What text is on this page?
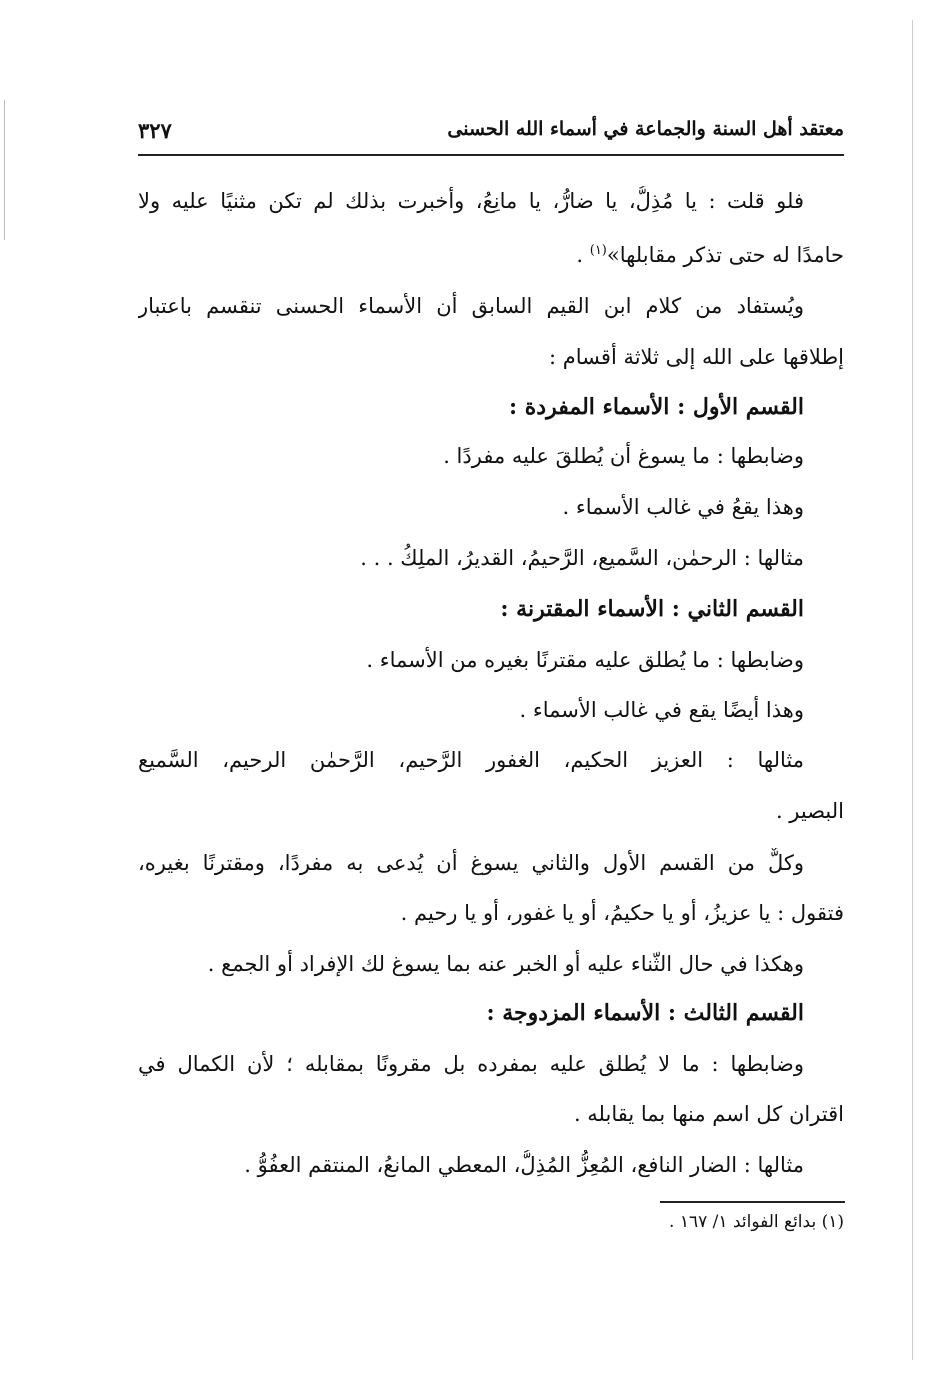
معتقد أهل السنة والجماعة في أسماء الله الحسنى
٣٢٧
فلو قلت : يا مُذِلُّ، يا ضارُّ، يا مانِعُ، وأخبرت بذلك لم تكن مثنيًا عليه ولا
حامدًا له حتى تذكر مقابلها»$^{(١)}$ .
ويُستفاد من كلام ابن القيم السابق أن الأسماء الحسنى تنقسم باعتبار
إطلاقها على الله إلى ثلاثة أقسام :
القسم الأول : الأسماء المفردة :
وضابطها : ما يسوغ أن يُطلقَ عليه مفردًا .
وهذا يقعُ في غالب الأسماء .
مثالها : الرحمٰن، السَّميع، الرَّحيمُ، القديرُ، الملِكُ . . .
القسم الثاني : الأسماء المقترنة :
وضابطها : ما يُطلق عليه مقترنًا بغيره من الأسماء .
وهذا أيضًا يقع في غالب الأسماء .
مثالها : العزيز الحكيم، الغفور الرَّحيم، الرَّحمٰن الرحيم، السَّميع
البصير .
وكلٌّ من القسم الأول والثاني يسوغ أن يُدعى به مفردًا، ومقترنًا بغيره،
فتقول : يا عزيزُ، أو يا حكيمُ، أو يا غفور، أو يا رحيم .
وهكذا في حال الثّناء عليه أو الخبر عنه بما يسوغ لك الإفراد أو الجمع .
القسم الثالث : الأسماء المزدوجة :
وضابطها : ما لا يُطلق عليه بمفرده بل مقرونًا بمقابله ؛ لأن الكمال في
اقتران كل اسم منها بما يقابله .
مثالها : الضار النافع، المُعِزُّ المُذِلُّ، المعطي المانعُ، المنتقم العفُوُّ .
(١) بدائع الفوائد ١/ ١٦٧ .
